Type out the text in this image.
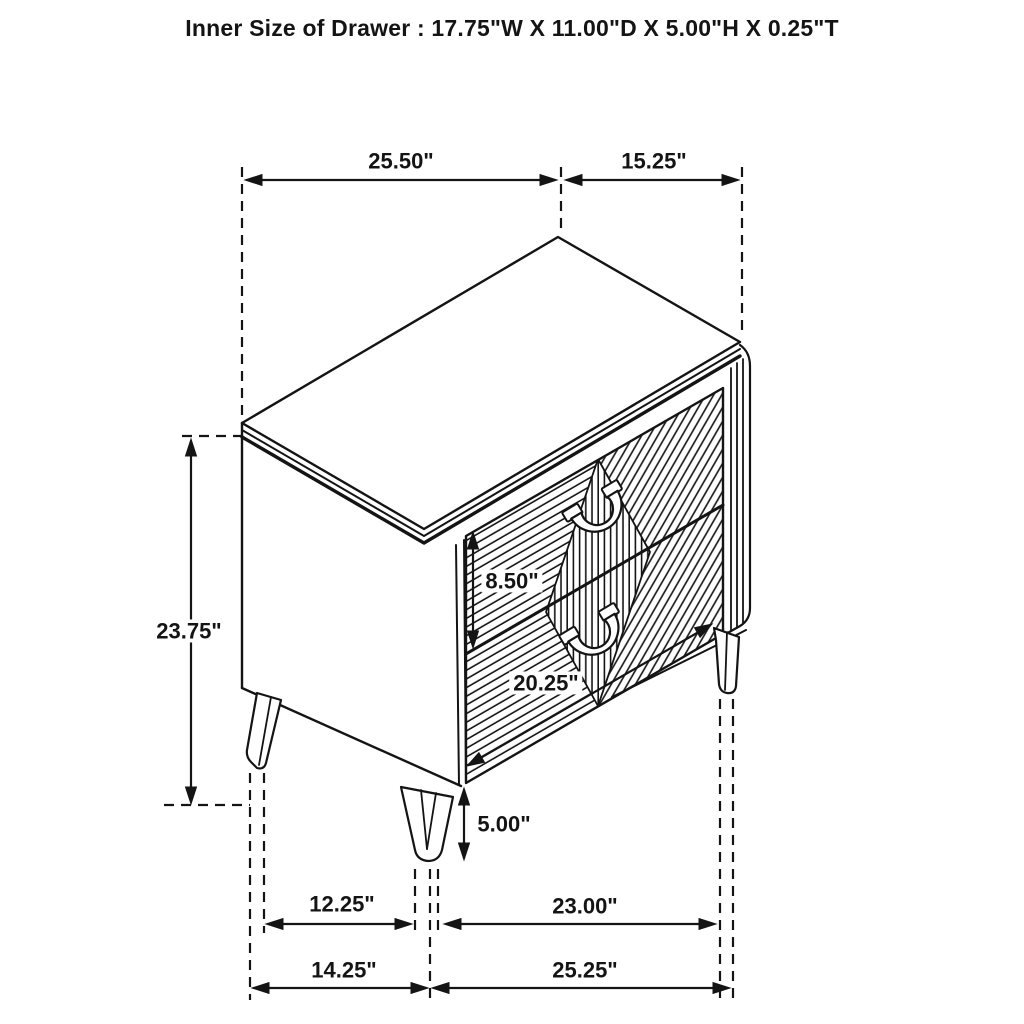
Inner Size of Drawer : 17.75"W X 11.00"D X 5.00"H X 0.25"T
25.50"	15.25"
23.75"
8.50"
20.25"
5.00"
12.25"	23.00"
14.25"	25.25"
